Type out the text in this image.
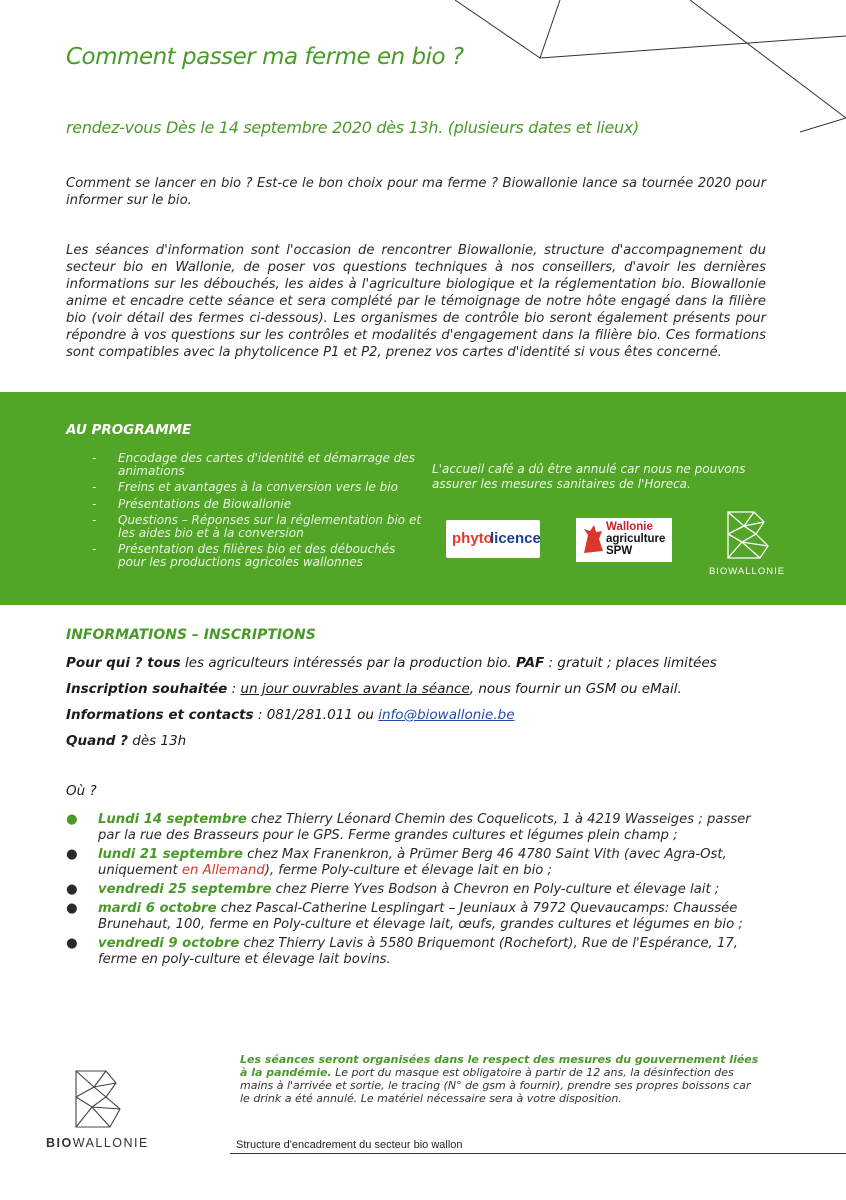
Comment passer ma ferme en bio ?
rendez-vous Dès le 14 septembre 2020 dès 13h. (plusieurs dates et lieux)
Comment se lancer en bio ? Est-ce le bon choix pour ma ferme ? Biowallonie lance sa tournée 2020 pour informer sur le bio.
Les séances d'information sont l'occasion de rencontrer Biowallonie, structure d'accompagnement du secteur bio en Wallonie, de poser vos questions techniques à nos conseillers, d'avoir les dernières informations sur les débouchés, les aides à l'agriculture biologique et la réglementation bio. Biowallonie anime et encadre cette séance et sera complété par le témoignage de notre hôte engagé dans la filière bio (voir détail des fermes ci-dessous). Les organismes de contrôle bio seront également présents pour répondre à vos questions sur les contrôles et modalités d'engagement dans la filière bio. Ces formations sont compatibles avec la phytolicence P1 et P2, prenez vos cartes d'identité si vous êtes concerné.
AU PROGRAMME
- Encodage des cartes d'identité et démarrage des animations
- Freins et avantages à la conversion vers le bio
- Présentations de Biowallonie
- Questions – Réponses sur la réglementation bio et les aides bio et à la conversion
- Présentation des filières bio et des débouchés pour les productions agricoles wallonnes
L'accueil café a dû être annulé car nous ne pouvons assurer les mesures sanitaires de l'Horeca.
phyto
licence
Wallonie
agriculture
SPW
BIOWALLONIE
INFORMATIONS – INSCRIPTIONS
Pour qui ? tous les agriculteurs intéressés par la production bio. PAF : gratuit ; places limitées
Inscription souhaitée : un jour ouvrables avant la séance, nous fournir un GSM ou eMail.
Informations et contacts : 081/281.011 ou info@biowallonie.be
Quand ? dès 13h
Où ?
● Lundi 14 septembre chez Thierry Léonard Chemin des Coquelicots, 1 à 4219 Wasseiges ; passer par la rue des Brasseurs pour le GPS. Ferme grandes cultures et légumes plein champ ;
● lundi 21 septembre chez Max Franenkron, à Prümer Berg 46 4780 Saint Vith (avec Agra-Ost, uniquement en Allemand), ferme Poly-culture et élevage lait en bio ;
● vendredi 25 septembre chez Pierre Yves Bodson à Chevron en Poly-culture et élevage lait ;
● mardi 6 octobre chez Pascal-Catherine Lesplingart – Jeuniaux à 7972 Quevaucamps: Chaussée Brunehaut, 100, ferme en Poly-culture et élevage lait, œufs, grandes cultures et légumes en bio ;
● vendredi 9 octobre chez Thierry Lavis à 5580 Briquemont (Rochefort), Rue de l'Espérance, 17, ferme en poly-culture et élevage lait bovins.
BIOWALLONIE
Les séances seront organisées dans le respect des mesures du gouvernement liées à la pandémie. Le port du masque est obligatoire à partir de 12 ans, la désinfection des mains à l'arrivée et sortie, le tracing (N° de gsm à fournir), prendre ses propres boissons car le drink a été annulé. Le matériel nécessaire sera à votre disposition.
Structure d'encadrement du secteur bio wallon
